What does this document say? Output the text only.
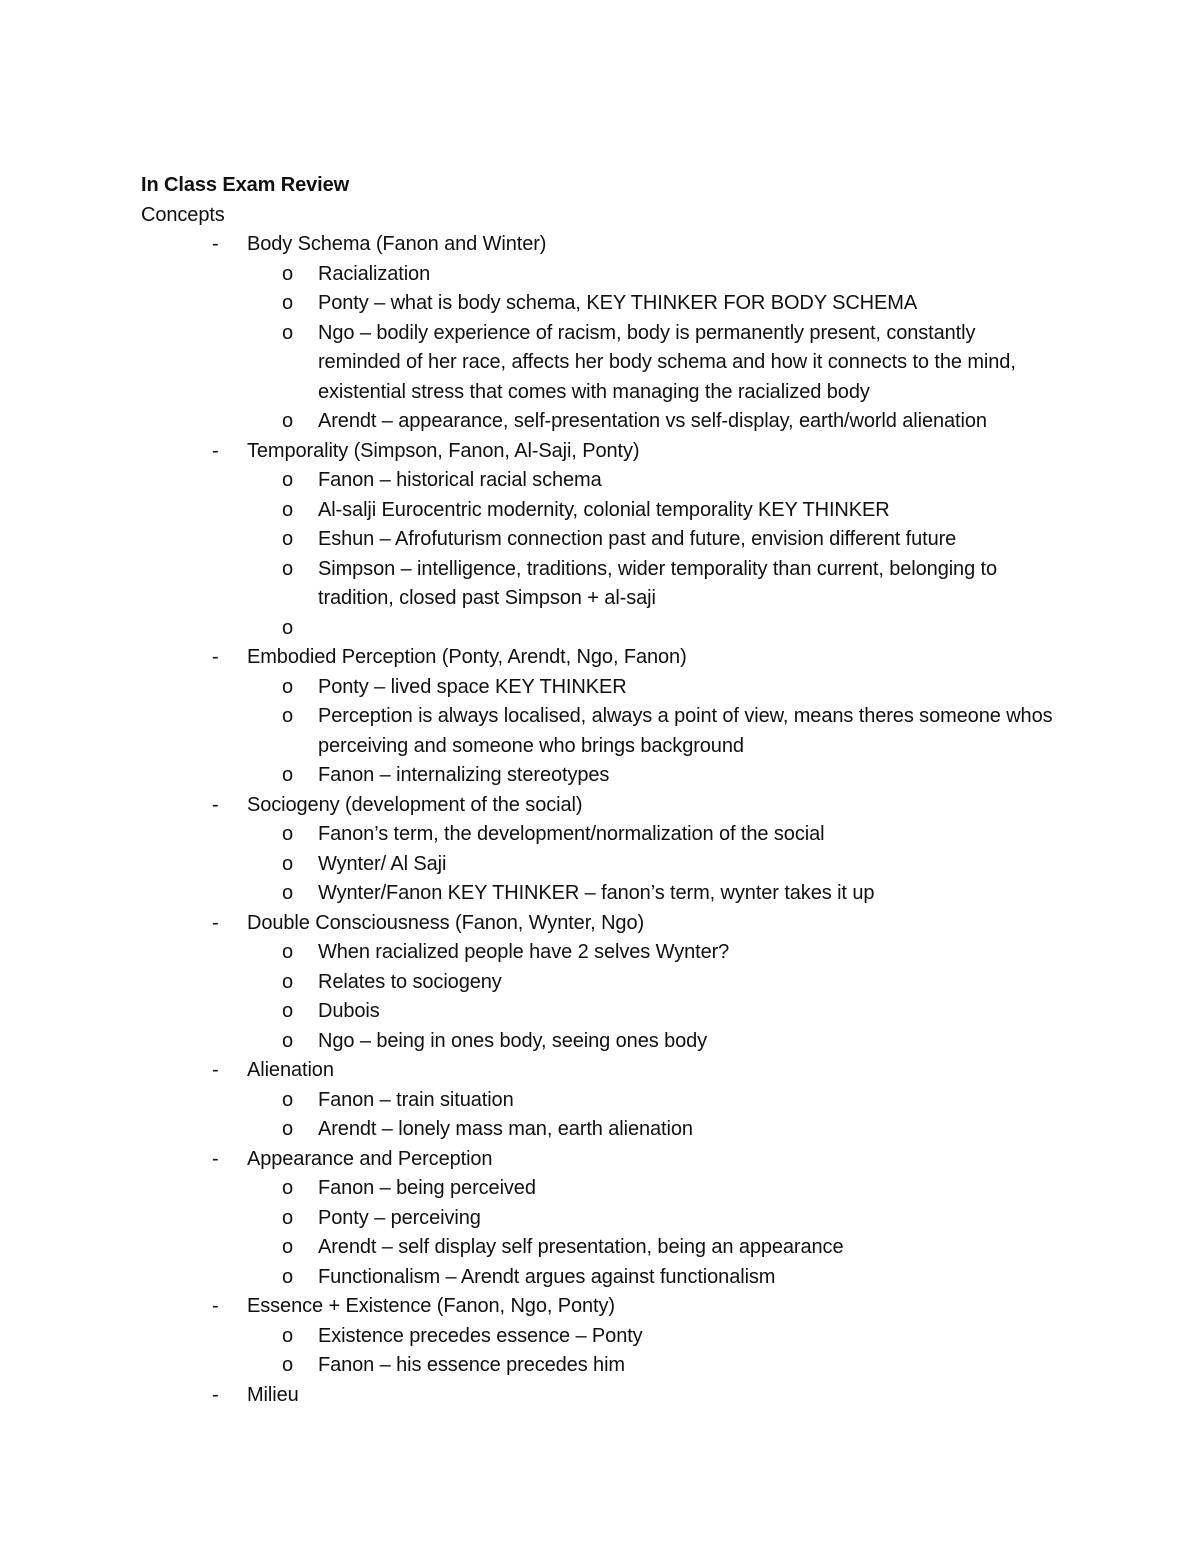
In Class Exam Review
Concepts
- Body Schema (Fanon and Winter)
o Racialization
o Ponty – what is body schema, KEY THINKER FOR BODY SCHEMA
o Ngo – bodily experience of racism, body is permanently present, constantly reminded of her race, affects her body schema and how it connects to the mind, existential stress that comes with managing the racialized body
o Arendt – appearance, self-presentation vs self-display, earth/world alienation
- Temporality (Simpson, Fanon, Al-Saji, Ponty)
o Fanon – historical racial schema
o Al-salji Eurocentric modernity, colonial temporality KEY THINKER
o Eshun – Afrofuturism connection past and future, envision different future
o Simpson – intelligence, traditions, wider temporality than current, belonging to tradition, closed past Simpson + al-saji
o
- Embodied Perception (Ponty, Arendt, Ngo, Fanon)
o Ponty – lived space KEY THINKER
o Perception is always localised, always a point of view, means theres someone whos perceiving and someone who brings background
o Fanon – internalizing stereotypes
- Sociogeny (development of the social)
o Fanon’s term, the development/normalization of the social
o Wynter/ Al Saji
o Wynter/Fanon KEY THINKER – fanon’s term, wynter takes it up
- Double Consciousness (Fanon, Wynter, Ngo)
o When racialized people have 2 selves Wynter?
o Relates to sociogeny
o Dubois
o Ngo – being in ones body, seeing ones body
- Alienation
o Fanon – train situation
o Arendt – lonely mass man, earth alienation
- Appearance and Perception
o Fanon – being perceived
o Ponty – perceiving
o Arendt – self display self presentation, being an appearance
o Functionalism – Arendt argues against functionalism
- Essence + Existence (Fanon, Ngo, Ponty)
o Existence precedes essence – Ponty
o Fanon – his essence precedes him
- Milieu
